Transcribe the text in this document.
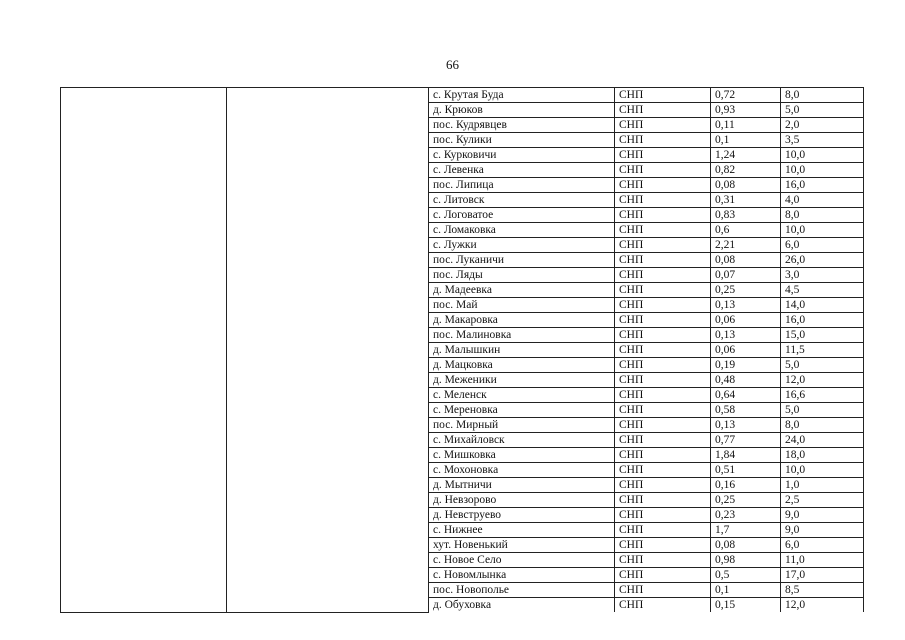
66
		с. Крутая Буда	СНП	0,72	8,0
		д. Крюков	СНП	0,93	5,0
		пос. Кудрявцев	СНП	0,11	2,0
		пос. Кулики	СНП	0,1	3,5
		с. Курковичи	СНП	1,24	10,0
		с. Левенка	СНП	0,82	10,0
		пос. Липица	СНП	0,08	16,0
		с. Литовск	СНП	0,31	4,0
		с. Логоватое	СНП	0,83	8,0
		с. Ломаковка	СНП	0,6	10,0
		с. Лужки	СНП	2,21	6,0
		пос. Луканичи	СНП	0,08	26,0
		пос. Ляды	СНП	0,07	3,0
		д. Мадеевка	СНП	0,25	4,5
		пос. Май	СНП	0,13	14,0
		д. Макаровка	СНП	0,06	16,0
		пос. Малиновка	СНП	0,13	15,0
		д. Малышкин	СНП	0,06	11,5
		д. Мацковка	СНП	0,19	5,0
		д. Меженики	СНП	0,48	12,0
		с. Меленск	СНП	0,64	16,6
		с. Мереновка	СНП	0,58	5,0
		пос. Мирный	СНП	0,13	8,0
		с. Михайловск	СНП	0,77	24,0
		с. Мишковка	СНП	1,84	18,0
		с. Мохоновка	СНП	0,51	10,0
		д. Мытничи	СНП	0,16	1,0
		д. Невзорово	СНП	0,25	2,5
		д. Невструево	СНП	0,23	9,0
		с. Нижнее	СНП	1,7	9,0
		хут. Новенький	СНП	0,08	6,0
		с. Новое Село	СНП	0,98	11,0
		с. Новомлынка	СНП	0,5	17,0
		пос. Новополье	СНП	0,1	8,5
		д. Обуховка	СНП	0,15	12,0
